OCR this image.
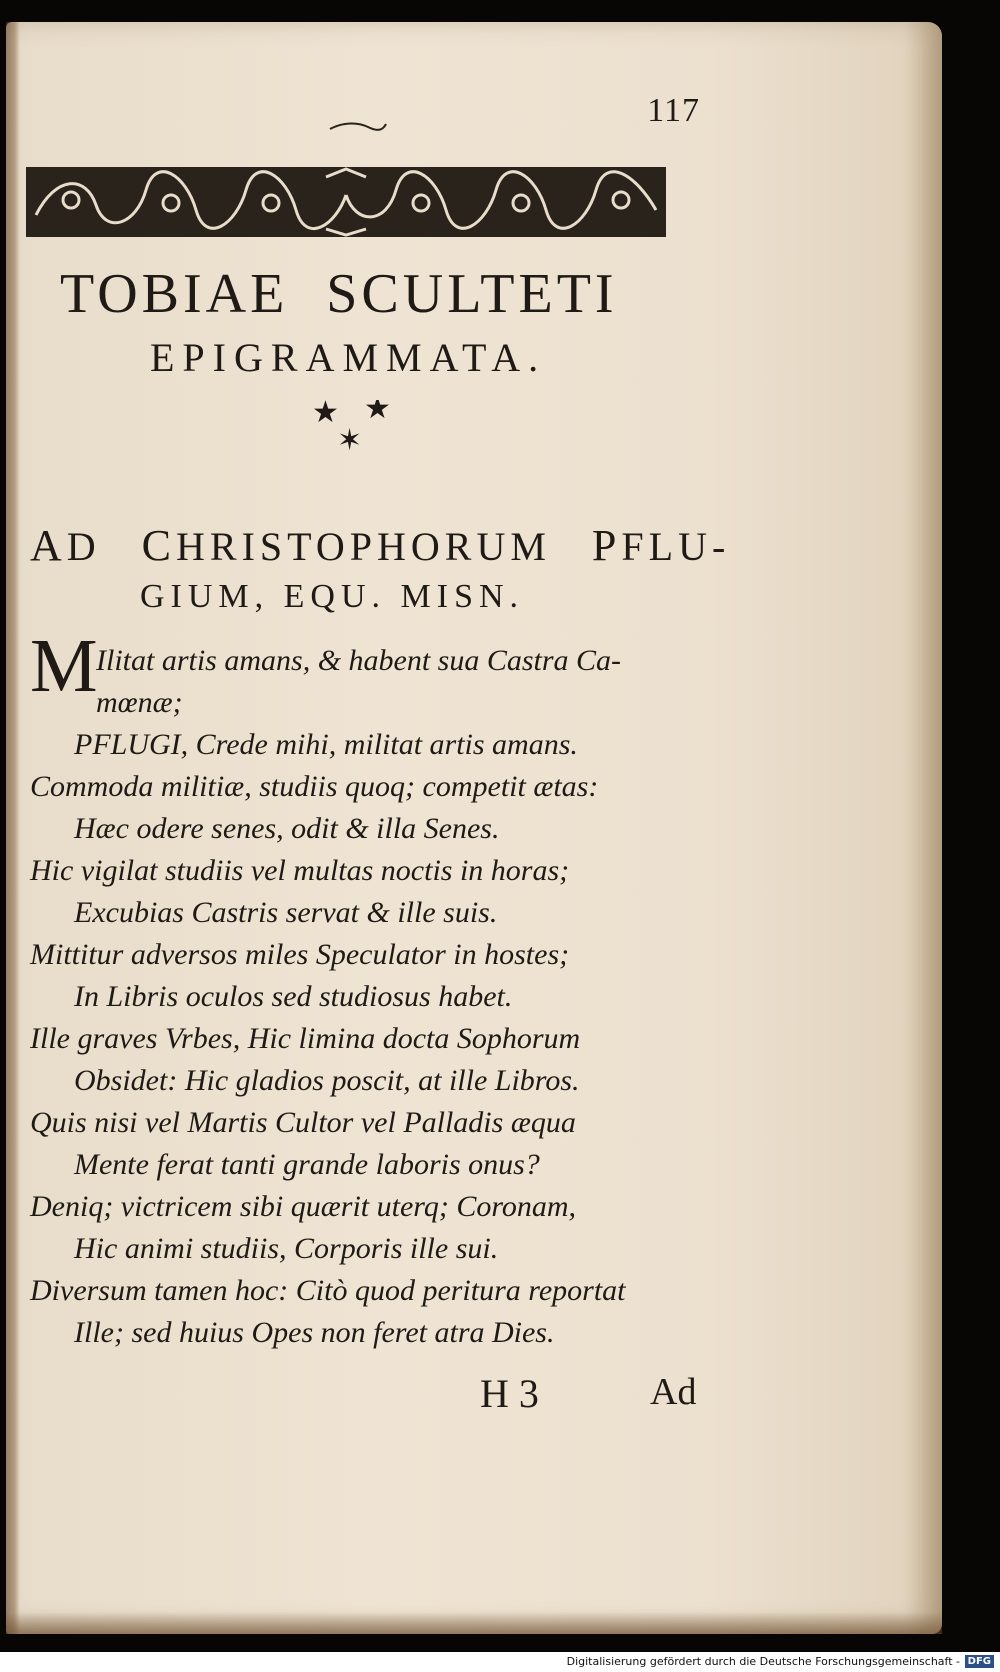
117
TOBIAE SCULTETI
EPIGRAMMATA.
★ ★
✶
AD CHRISTOPHORUM PFLU-
GIUM, EQU. MISN.
M
Ilitat artis amans, & habent sua Castra Ca-
mœnæ;
PFLUGI, Crede mihi, militat artis amans.
Commoda militiæ, studiis quoq; competit ætas:
Hæc odere senes, odit & illa Senes.
Hic vigilat studiis vel multas noctis in horas;
Excubias Castris servat & ille suis.
Mittitur adversos miles Speculator in hostes;
In Libris oculos sed studiosus habet.
Ille graves Vrbes, Hic limina docta Sophorum
Obsidet: Hic gladios poscit, at ille Libros.
Quis nisi vel Martis Cultor vel Palladis æqua
Mente ferat tanti grande laboris onus?
Deniq; victricem sibi quærit uterq; Coronam,
Hic animi studiis, Corporis ille sui.
Diversum tamen hoc: Citò quod peritura reportat
Ille; sed huius Opes non feret atra Dies.
H 3	Ad
Digitalisierung gefördert durch die Deutsche Forschungsgemeinschaft - DFG
